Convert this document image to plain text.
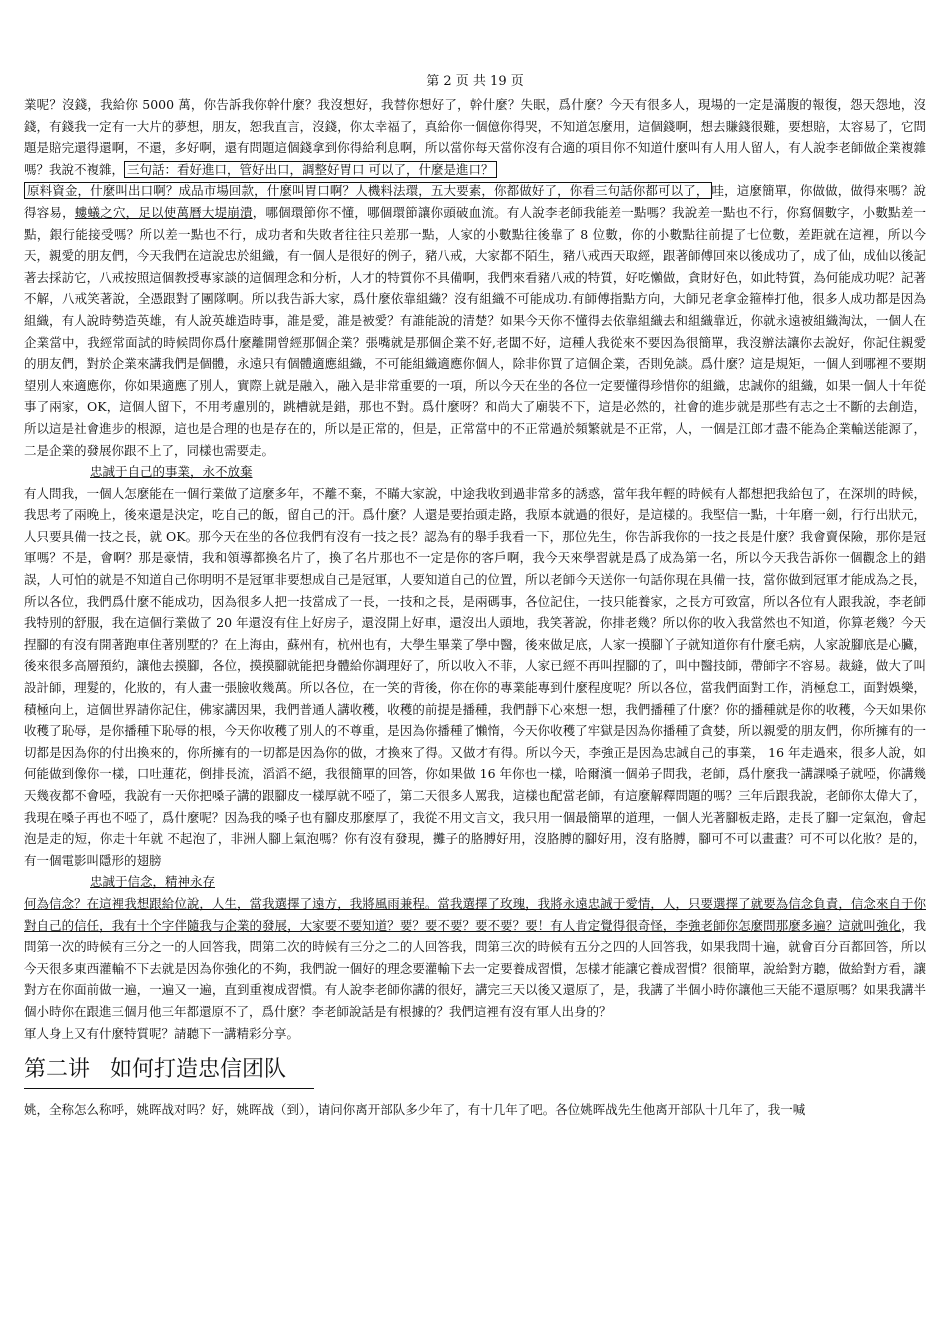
第 2 页 共 19 页

業呢？沒錢，我給你 5000 萬，你告訴我你幹什麼？我沒想好，我替你想好了，幹什麼？失眠，爲什麼？今天有很多人，現場的一定是滿腹的報復，怨天怨地，沒錢，有錢我一定有一大片的夢想，朋友，恕我直言，沒錢，你太幸福了，真給你一個億你得哭，不知道怎麼用，這個錢啊，想去賺錢很難，要想賠，太容易了，它問題是賠完還得還啊，不還，多好啊，還有問題這個錢拿到你得給利息啊，所以當你每天當你沒有合適的項目你不知道什麼叫有人用人留人，有人說李老師做企業複雜嗎？我說不複雜， 三句話：看好進口，管好出口，調整好胃口 可以了，什麼是進口？
原料資金，什麼叫出口啊？成品市場回款，什麼叫胃口啊？人機料法環，五大要素，你都做好了，你看三句話你都可以了， 哇，這麼簡單，你做做，做得來嗎？說得容易，螻蟻之穴，足以使萬曆大堤崩潰，哪個環節你不懂，哪個環節讓你頭破血流。有人說李老師我能差一點嗎？我說差一點也不行，你寫個數字，小數點差一點，銀行能接受嗎？所以差一點也不行，成功者和失敗者往往只差那一點，人家的小數點往後靠了 8 位數，你的小數點往前提了七位數，差距就在這裡，所以今天，親愛的朋友們，今天我們在這說忠於組織，有一個人是很好的例子，豬八戒，大家都不陌生，豬八戒西天取經，跟著師傅回來以後成功了，成了仙，成仙以後記著去採訪它，八戒按照這個教授專家談的這個理念和分析，人才的特質你不具備啊，我們來看豬八戒的特質，好吃懶做，貪財好色，如此特質，為何能成功呢？記著不解，八戒笑著說，全憑跟對了團隊啊。所以我告訴大家，爲什麼依靠組織？沒有組織不可能成功.有師傅指點方向，大師兄老拿金箍棒打他，很多人成功都是因為組織，有人說時勢造英雄，有人說英雄造時事，誰是愛，誰是被愛？有誰能說的清楚？如果今天你不懂得去依靠組織去和組織靠近，你就永遠被組織淘汰，一個人在企業當中，我經常面試的時候問你爲什麼離開曾經那個企業？張嘴就是那個企業不好,老闆不好，這種人我從來不要因為很簡單，我沒辦法讓你去說好，你記住親愛的朋友們，對於企業來講我們是個體，永遠只有個體適應組織，不可能組織適應你個人，除非你買了這個企業，否則免談。爲什麼？這是規矩，一個人到哪裡不要期望別人來適應你，你如果適應了別人，實際上就是融入，融入是非常重要的一項，所以今天在坐的各位一定要懂得珍惜你的組織，忠誠你的組織，如果一個人十年從事了兩家，OK，這個人留下，不用考慮別的，跳槽就是錯，那也不對。爲什麼呀？和尚大了廟裝不下，這是必然的，社會的進步就是那些有志之士不斷的去創造，所以這是社會進步的根源，這也是合理的也是存在的，所以是正常的，但是，正常當中的不正常過於頻繁就是不正常，人，一個是江郎才盡不能為企業輸送能源了，二是企業的發展你跟不上了，同樣也需要走。

忠誠于自己的事業，永不放棄

有人問我，一個人怎麼能在一個行業做了這麼多年，不離不棄，不瞞大家說，中途我收到過非常多的誘惑，當年我年輕的時候有人都想把我給包了，在深圳的時候，我思考了兩晚上，後來還是決定，吃自己的飯，留自己的汗。爲什麼？人還是要抬頭走路，我原本就過的很好，是這樣的。我堅信一點，十年磨一劍，行行出狀元，人只要具備一技之長，就 OK。那今天在坐的各位我們有沒有一技之長？認為有的舉手我看一下，那位先生，你告訴我你的一技之長是什麼？我會賣保險，那你是冠軍嗎？不是，會啊？那是豪情，我和領導都換名片了，換了名片那也不一定是你的客戶啊，我今天來學習就是爲了成為第一名，所以今天我告訴你一個觀念上的錯誤，人可怕的就是不知道自己你明明不是冠軍非要想成自己是冠軍，人要知道自己的位置，所以老師今天送你一句話你現在具備一技，當你做到冠軍才能成為之長，所以各位，我們爲什麼不能成功，因為很多人把一技當成了一長，一技和之長，是兩碼事，各位記住，一技只能養家，之長方可致富，所以各位有人跟我說，李老師我特別的舒服，我在這個行業做了 20 年還沒有住上好房子，還沒開上好車，還沒出人頭地，我笑著說，你排老幾？所以你的收入我當然也不知道，你算老幾？今天捏腳的有沒有開著跑車住著別墅的？在上海由，蘇州有，杭州也有，大學生畢業了學中醫，後來做足底，人家一摸腳丫子就知道你有什麼毛病，人家說腳底是心臟，後來很多高層預約，讓他去摸腳，各位，摸摸腳就能把身體給你調理好了，所以收入不菲，人家已經不再叫捏腳的了，叫中醫技師，帶師字不容易。裁縫，做大了叫設計師，理髮的，化妝的，有人畫一張臉收幾萬。所以各位，在一笑的背後，你在你的專業能專到什麼程度呢？所以各位，當我們面對工作，消極怠工，面對娛樂，積極向上，這個世界請你記住，佛家講因果，我們普通人講收穫，收穫的前提是播種，我們靜下心來想一想，我們播種了什麼？你的播種就是你的收穫，今天如果你收穫了恥辱，是你播種下恥辱的根，今天你收穫了別人的不尊重，是因為你播種了懶惰，今天你收穫了牢獄是因為你播種了貪婪，所以親愛的朋友們，你所擁有的一切都是因為你的付出換來的，你所擁有的一切都是因為你的做，才換來了得。又做才有得。所以今天，李強正是因為忠誠自己的事業， 16 年走過來，很多人說，如何能做到像你一樣，口吐蓮花，倒排長流，滔滔不絕，我很簡單的回答，你如果做 16 年你也一樣，哈爾濱一個弟子問我，老師，爲什麼我一講課嗓子就啞，你講幾天幾夜都不會啞，我說有一天你把嗓子講的跟腳皮一樣厚就不啞了，第二天很多人罵我，這樣也配當老師，有這麼解釋問題的嗎？三年后跟我說，老師你太偉大了，我現在嗓子再也不啞了，爲什麼呢？因為我的嗓子也有腳皮那麼厚了，我從不用文言文，我只用一個最簡單的道理，一個人光著腳板走路，走長了腳一定氣泡，會起泡是走的短，你走十年就 不起泡了，非洲人腳上氣泡嗎？你有沒有發現，攤子的胳膊好用，沒胳膊的腳好用，沒有胳膊，腳可不可以畫畫？可不可以化妝？是的，有一個電影叫隱形的翅膀

忠誠于信念，精神永存

何為信念？在這裡我想跟給位說，人生，當我選擇了遠方，我將風雨兼程。當我選擇了玫瑰，我將永遠忠誠于愛情，人，只要選擇了就要為信念負責，信念來自于你對自己的信任，我有十个字伴隨我与企業的發展，大家要不要知道？要？要不要？要不要？要！有人肯定覺得很奇怪，李強老師你怎麼問那麼多遍？這就叫強化，我問第一次的時候有三分之一的人回答我，問第二次的時候有三分之二的人回答我，問第三次的時候有五分之四的人回答我，如果我問十遍，就會百分百都回答，所以今天很多東西灌輸不下去就是因為你強化的不夠，我們說一個好的理念要灌輸下去一定要養成習慣，怎樣才能讓它養成習慣？很簡單，說給對方聽，做給對方看，讓對方在你面前做一遍，一遍又一遍，直到重複成習慣。有人說李老師你講的很好，講完三天以後又還原了，是，我講了半個小時你讓他三天能不還原嗎？如果我講半個小時你在跟進三個月他三年都還原不了，爲什麼？李老師說話是有根據的？我們這裡有沒有軍人出身的？

軍人身上又有什麼特質呢？請聽下一講精彩分享。

第二讲 如何打造忠信团队

姚，全称怎么称呼，姚晖战对吗？好，姚晖战（到），请问你离开部队多少年了，有十几年了吧。各位姚晖战先生他离开部队十几年了，我一喊
